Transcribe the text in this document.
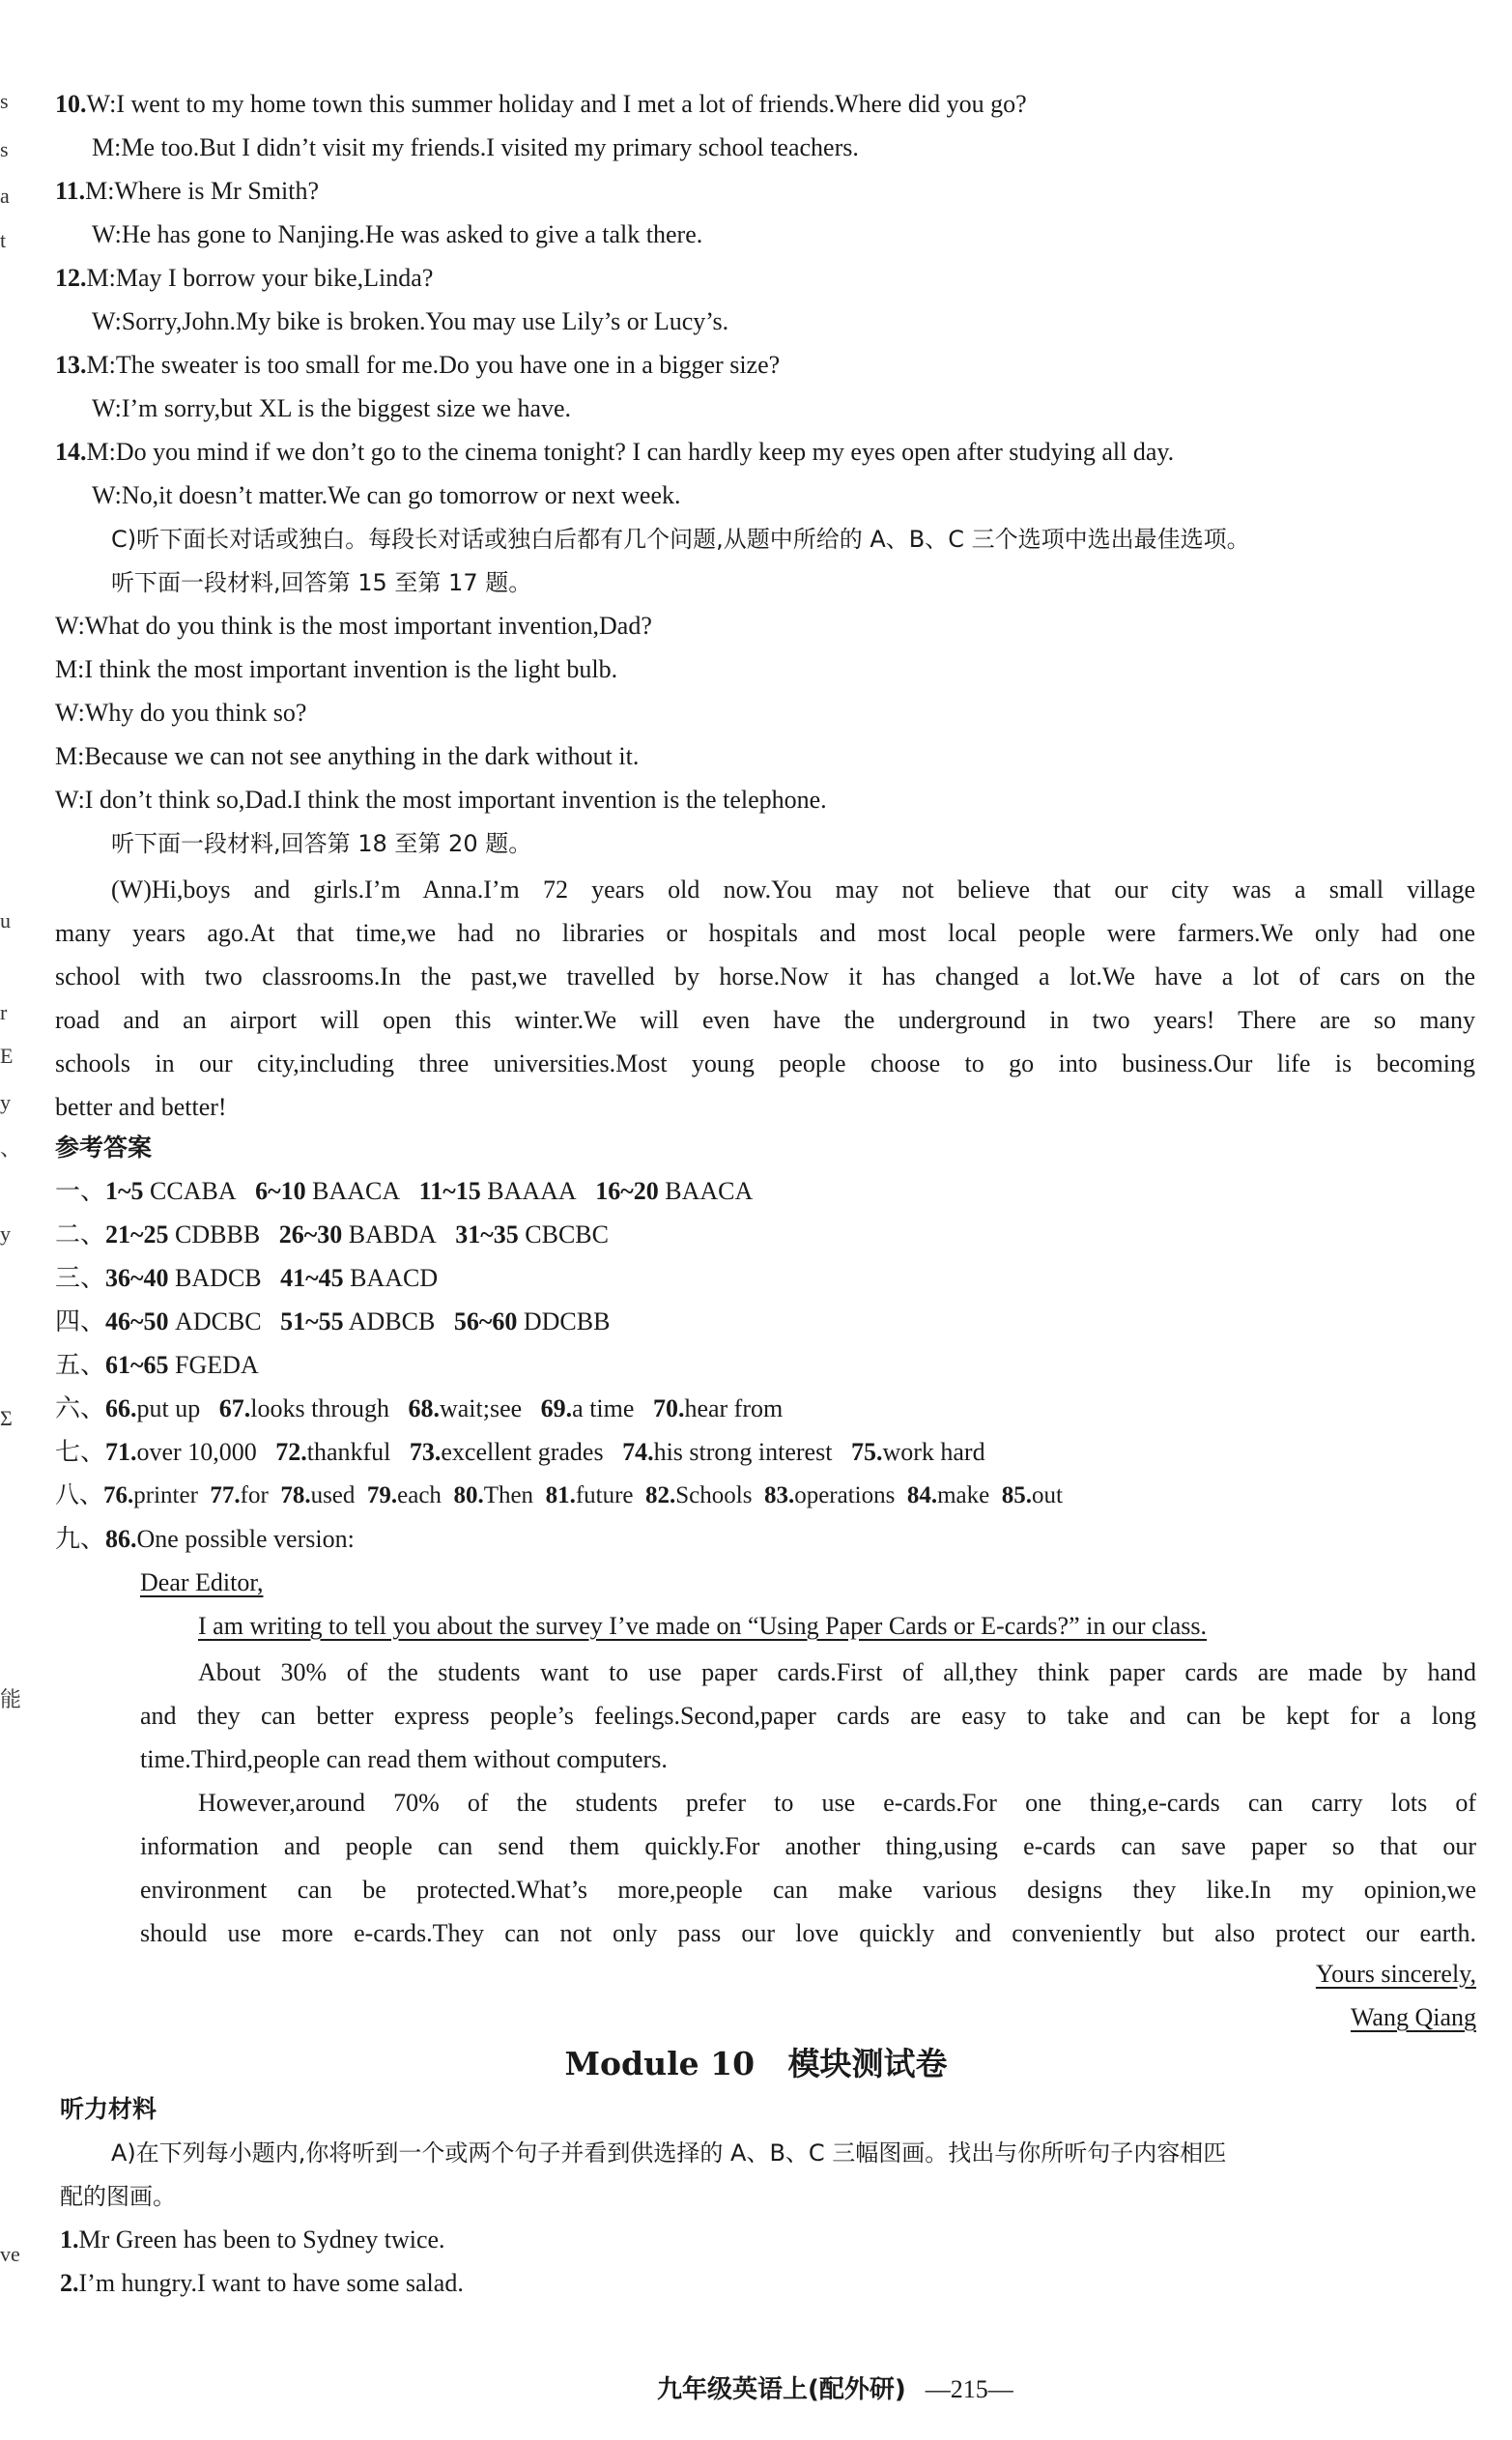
s
s
a
t
u
r
E
y
、
y
Σ
能
ve
10.W:I went to my home town this summer holiday and I met a lot of friends.Where did you go?
M:Me too.But I didn’t visit my friends.I visited my primary school teachers.
11.M:Where is Mr Smith?
W:He has gone to Nanjing.He was asked to give a talk there.
12.M:May I borrow your bike,Linda?
W:Sorry,John.My bike is broken.You may use Lily’s or Lucy’s.
13.M:The sweater is too small for me.Do you have one in a bigger size?
W:I’m sorry,but XL is the biggest size we have.
14.M:Do you mind if we don’t go to the cinema tonight? I can hardly keep my eyes open after studying all day.
W:No,it doesn’t matter.We can go tomorrow or next week.
C)听下面长对话或独白。每段长对话或独白后都有几个问题,从题中所给的 A、B、C 三个选项中选出最佳选项。
听下面一段材料,回答第 15 至第 17 题。
W:What do you think is the most important invention,Dad?
M:I think the most important invention is the light bulb.
W:Why do you think so?
M:Because we can not see anything in the dark without it.
W:I don’t think so,Dad.I think the most important invention is the telephone.
听下面一段材料,回答第 18 至第 20 题。
(W)Hi,boys and girls.I’m Anna.I’m 72 years old now.You may not believe that our city was a small village
many years ago.At that time,we had no libraries or hospitals and most local people were farmers.We only had one
school with two classrooms.In the past,we travelled by horse.Now it has changed a lot.We have a lot of cars on the
road and an airport will open this winter.We will even have the underground in two years! There are so many
schools in our city,including three universities.Most young people choose to go into business.Our life is becoming
better and better!
参考答案
一、1~5 CCABA 6~10 BAACA 11~15 BAAAA 16~20 BAACA
二、21~25 CDBBB 26~30 BABDA 31~35 CBCBC
三、36~40 BADCB 41~45 BAACD
四、46~50 ADCBC 51~55 ADBCB 56~60 DDCBB
五、61~65 FGEDA
六、66.put up 67.looks through 68.wait;see 69.a time 70.hear from
七、71.over 10,000 72.thankful 73.excellent grades 74.his strong interest 75.work hard
八、76.printer 77.for 78.used 79.each 80.Then 81.future 82.Schools 83.operations 84.make 85.out
九、86.One possible version:
Dear Editor,
I am writing to tell you about the survey I’ve made on “Using Paper Cards or E-cards?” in our class.
About 30% of the students want to use paper cards.First of all,they think paper cards are made by hand
and they can better express people’s feelings.Second,paper cards are easy to take and can be kept for a long
time.Third,people can read them without computers.
However,around 70% of the students prefer to use e-cards.For one thing,e-cards can carry lots of
information and people can send them quickly.For another thing,using e-cards can save paper so that our
environment can be protected.What’s more,people can make various designs they like.In my opinion,we
should use more e-cards.They can not only pass our love quickly and conveniently but also protect our earth.
Yours sincerely,
Wang Qiang
Module 10   模块测试卷
听力材料
A)在下列每小题内,你将听到一个或两个句子并看到供选择的 A、B、C 三幅图画。找出与你所听句子内容相匹
配的图画。
1.Mr Green has been to Sydney twice.
2.I’m hungry.I want to have some salad.
九年级英语上(配外研) —215—
